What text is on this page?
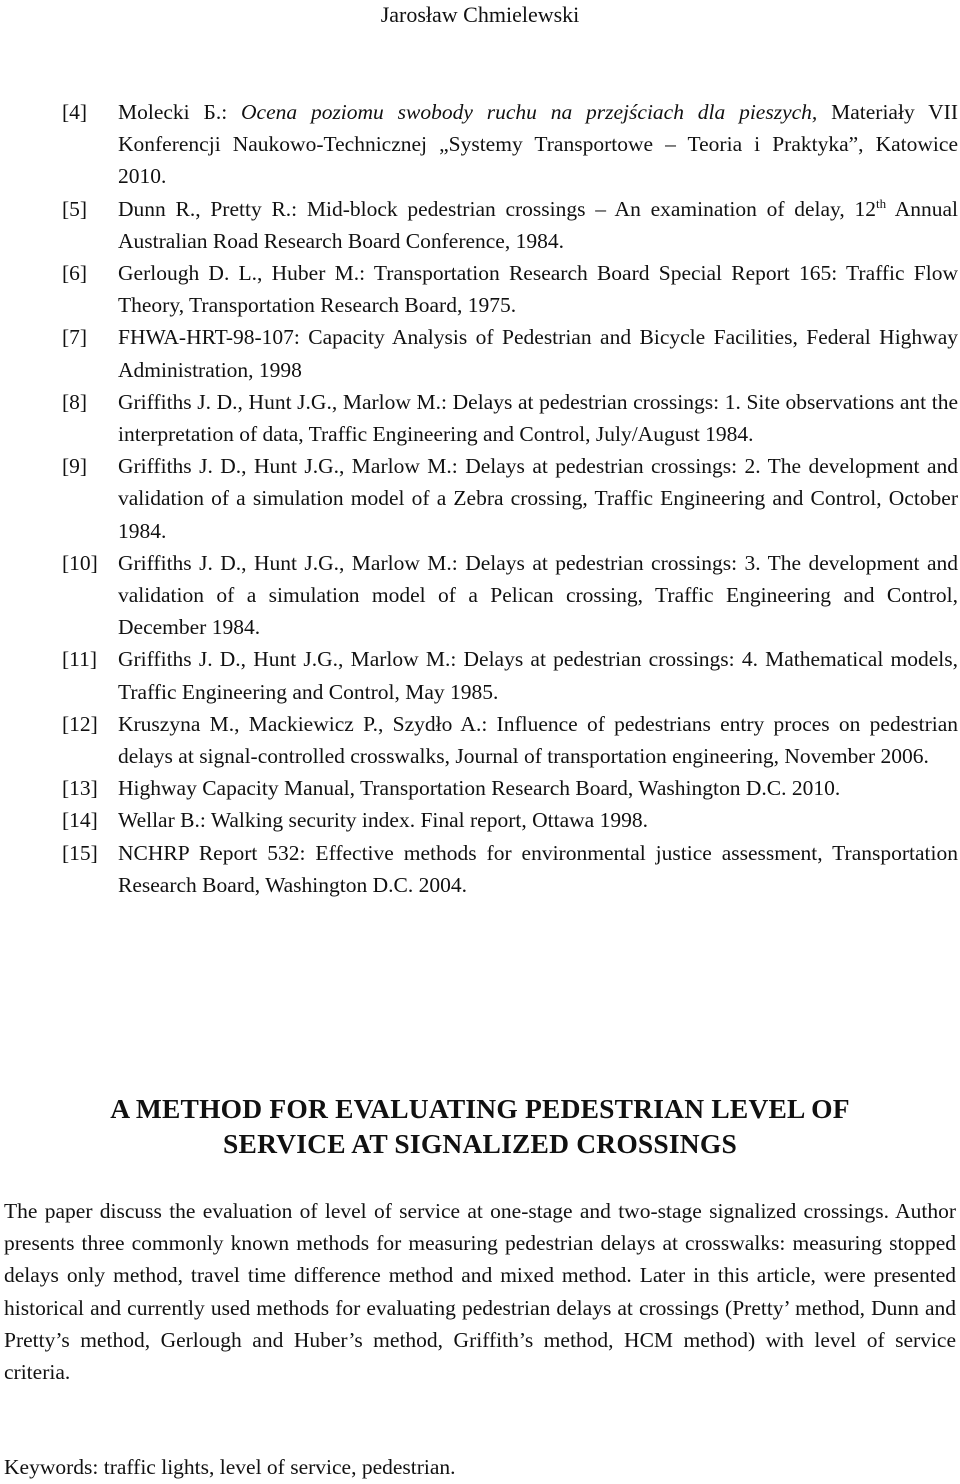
Jarosław Chmielewski
[4] Molecki Б.: Ocena poziomu swobody ruchu na przejściach dla pieszych, Materiały VII Konferencji Naukowo-Technicznej „Systemy Transportowe – Teoria i Praktyka”, Katowice 2010.
[5] Dunn R., Pretty R.: Mid-block pedestrian crossings – An examination of delay, 12th Annual Australian Road Research Board Conference, 1984.
[6] Gerlough D. L., Huber M.: Transportation Research Board Special Report 165: Traffic Flow Theory, Transportation Research Board, 1975.
[7] FHWA-HRT-98-107: Capacity Analysis of Pedestrian and Bicycle Facilities, Federal Highway Administration, 1998
[8] Griffiths J. D., Hunt J.G., Marlow M.: Delays at pedestrian crossings: 1. Site observations ant the interpretation of data, Traffic Engineering and Control, July/August 1984.
[9] Griffiths J. D., Hunt J.G., Marlow M.: Delays at pedestrian crossings: 2. The development and validation of a simulation model of a Zebra crossing, Traffic Engineering and Control, October 1984.
[10] Griffiths J. D., Hunt J.G., Marlow M.: Delays at pedestrian crossings: 3. The development and validation of a simulation model of a Pelican crossing, Traffic Engineering and Control, December 1984.
[11] Griffiths J. D., Hunt J.G., Marlow M.: Delays at pedestrian crossings: 4. Mathematical models, Traffic Engineering and Control, May 1985.
[12] Kruszyna M., Mackiewicz P., Szydło A.: Influence of pedestrians entry proces on pedestrian delays at signal-controlled crosswalks, Journal of transportation engineering, November 2006.
[13] Highway Capacity Manual, Transportation Research Board, Washington D.C. 2010.
[14] Wellar B.: Walking security index. Final report, Ottawa 1998.
[15] NCHRP Report 532: Effective methods for environmental justice assessment, Transportation Research Board, Washington D.C. 2004.
A METHOD FOR EVALUATING PEDESTRIAN LEVEL OF
SERVICE AT SIGNALIZED CROSSINGS

The paper discuss the evaluation of level of service at one-stage and two-stage signalized crossings. Author presents three commonly known methods for measuring pedestrian delays at crosswalks: measuring stopped delays only method, travel time difference method and mixed method. Later in this article, were presented historical and currently used methods for evaluating pedestrian delays at crossings (Pretty’ method, Dunn and Pretty’s method, Gerlough and Huber’s method, Griffith’s method, HCM method) with level of service criteria.

Keywords: traffic lights, level of service, pedestrian.
